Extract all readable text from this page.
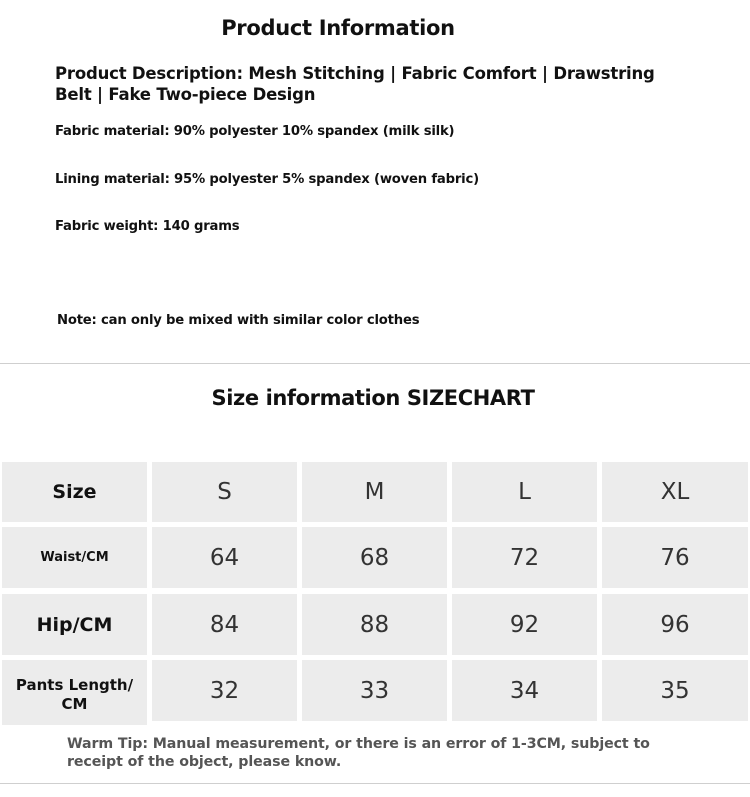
Product Information
Product Description: Mesh Stitching | Fabric Comfort | Drawstring Belt | Fake Two-piece Design
Fabric material: 90% polyester 10% spandex (milk silk)
Lining material: 95% polyester 5% spandex (woven fabric)
Fabric weight: 140 grams
Note: can only be mixed with similar color clothes
Size information SIZECHART
Size	S	M	L	XL
Waist/CM	64	68	72	76
Hip/CM	84	88	92	96
Pants Length/ CM	32	33	34	35
Warm Tip: Manual measurement, or there is an error of 1-3CM, subject to receipt of the object, please know.
